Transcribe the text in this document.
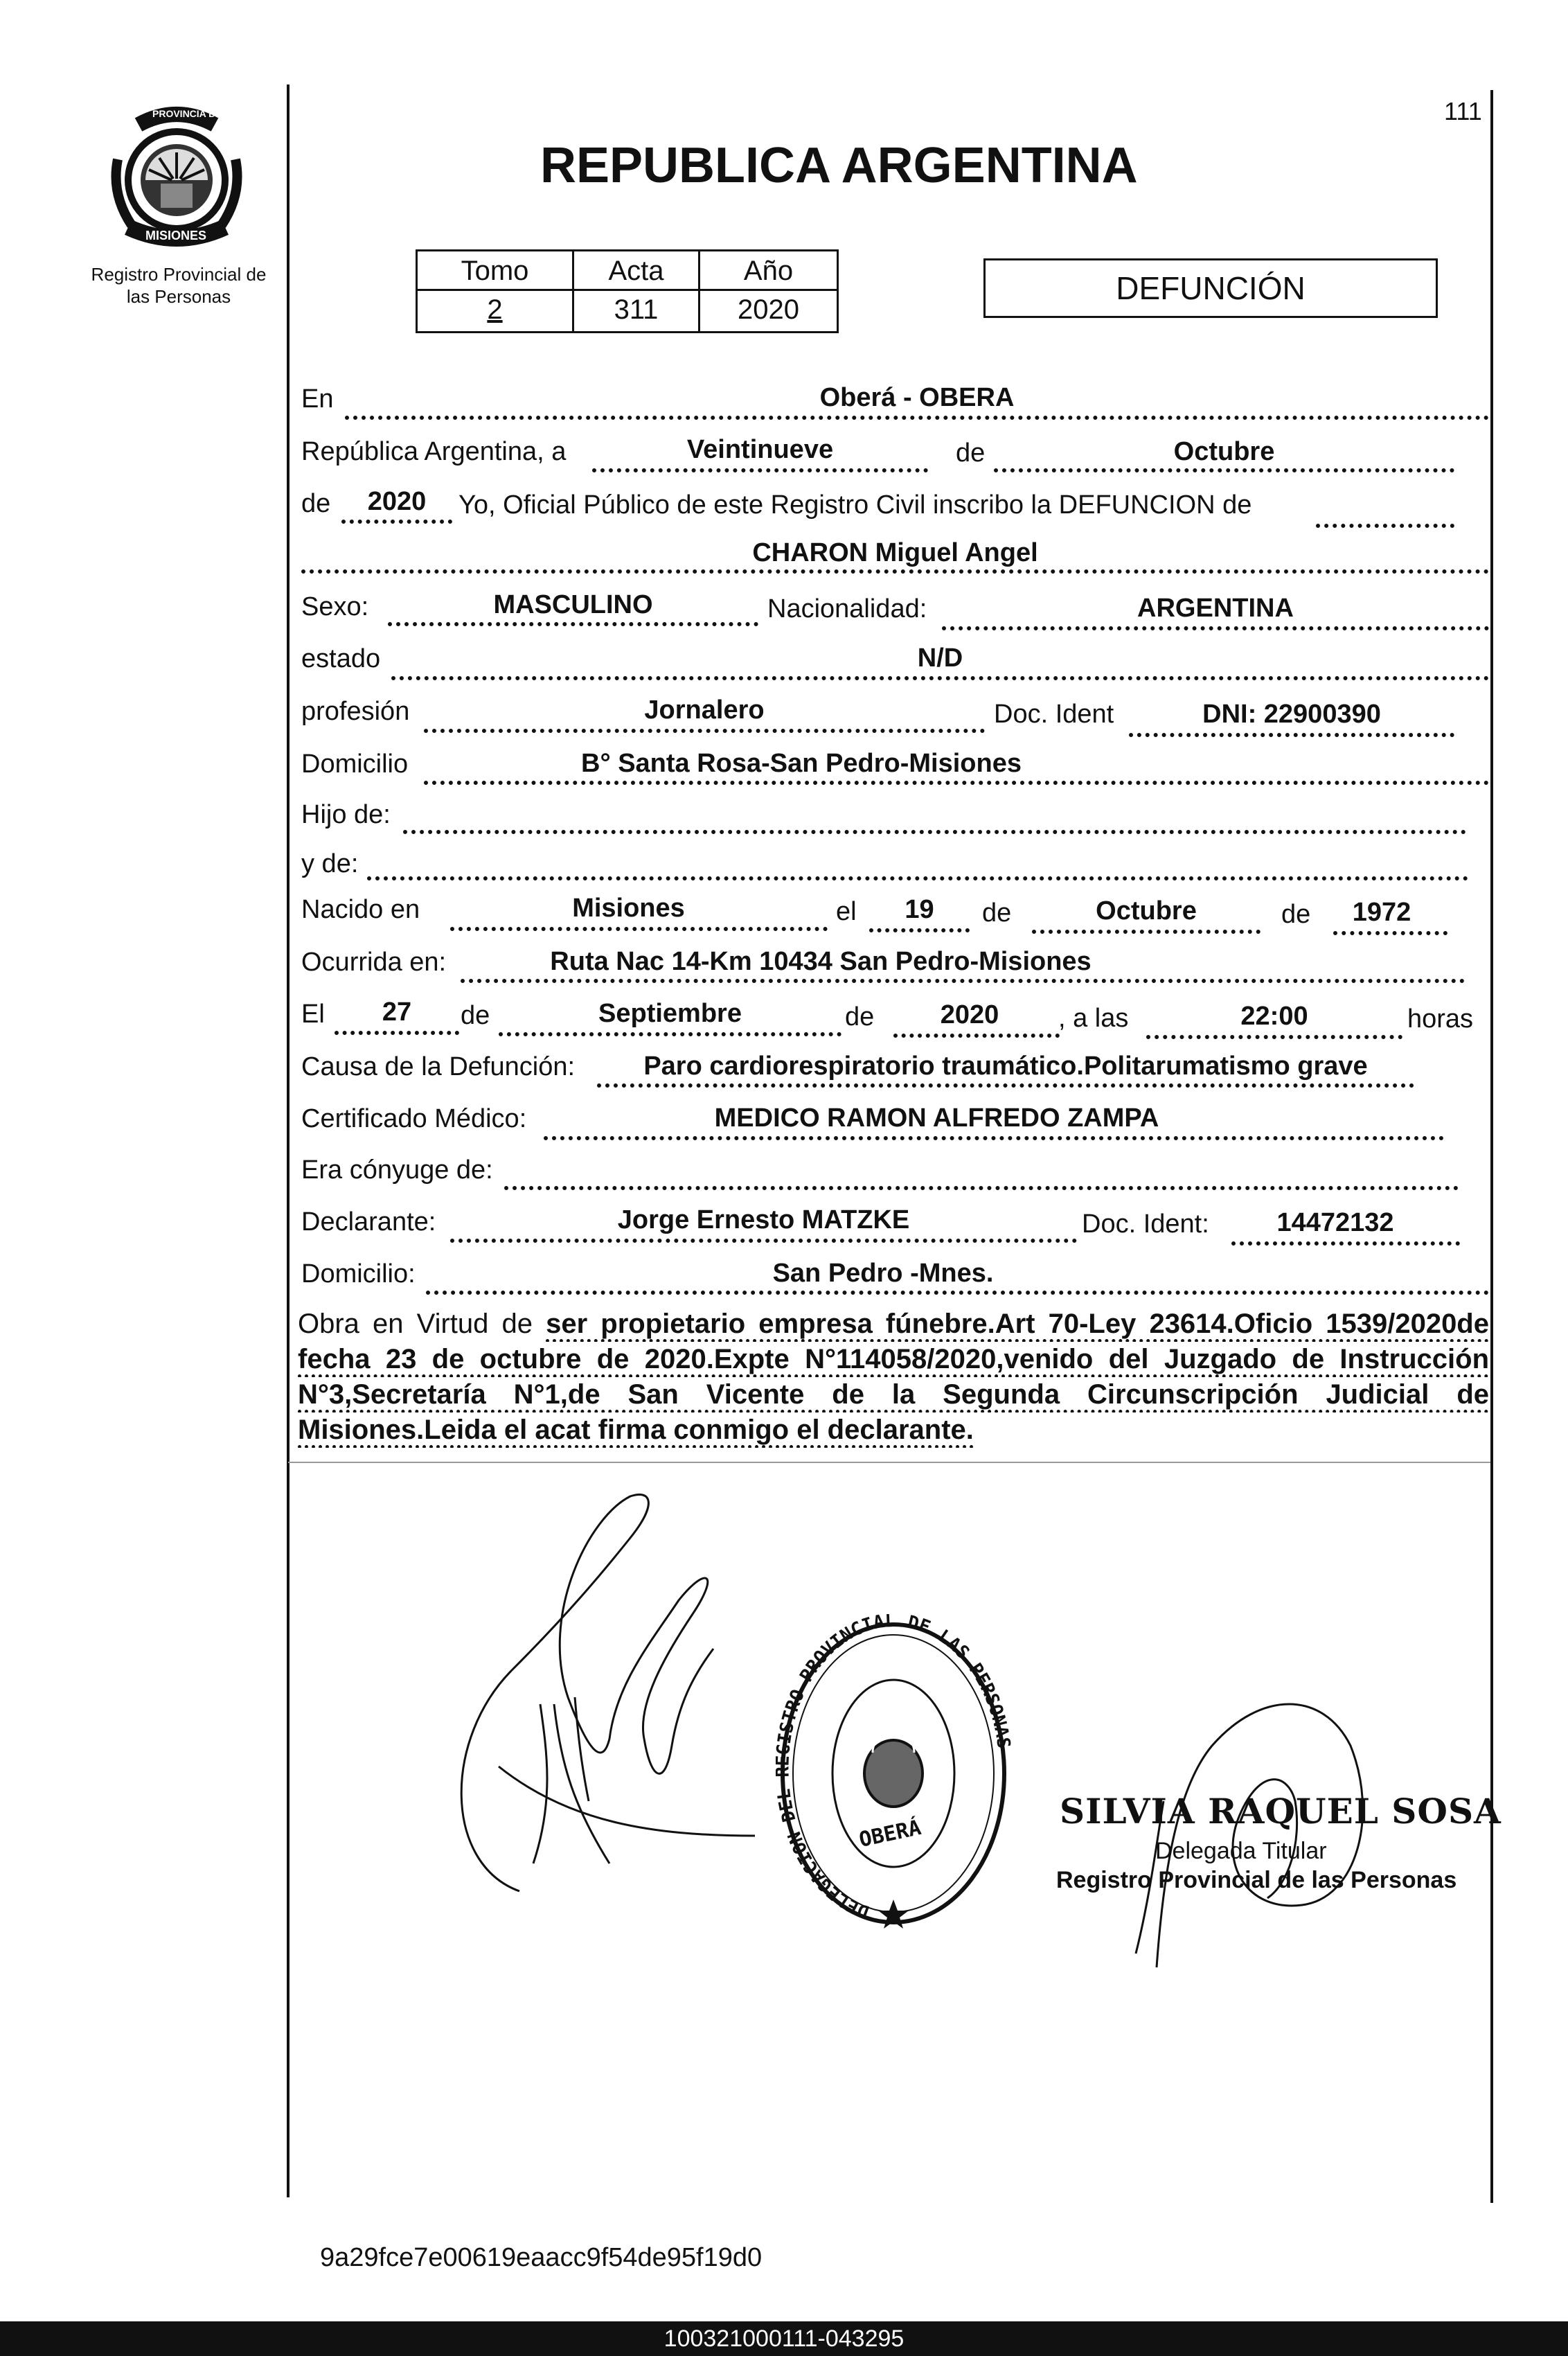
111
PROVINCIA DE
MISIONES
Registro Provincial de
las Personas
REPUBLICA ARGENTINA
Tomo	Acta	Año
2	311	2020
DEFUNCIÓN
En	Oberá - OBERA
República Argentina, a	Veintinueve	de	Octubre
de	2020	Yo, Oficial Público de este Registro Civil inscribo la DEFUNCION de
CHARON Miguel Angel
Sexo:	MASCULINO	Nacionalidad:	ARGENTINA
estado	N/D
profesión	Jornalero	Doc. Ident	DNI: 22900390
Domicilio	B° Santa Rosa-San Pedro-Misiones
Hijo de:
y de:
Nacido en	Misiones	el	19	de	Octubre	de	1972
Ocurrida en:	Ruta Nac 14-Km 10434 San Pedro-Misiones
El	27	de	Septiembre	de	2020	, a las	22:00	horas
Causa de la Defunción:	Paro cardiorespiratorio traumático.Politarumatismo grave
Certificado Médico:	MEDICO RAMON ALFREDO ZAMPA
Era cónyuge de:
Declarante:	Jorge Ernesto MATZKE	Doc. Ident:	14472132
Domicilio:	San Pedro -Mnes.
Obra en Virtud de ser propietario empresa fúnebre.Art 70-Ley 23614.Oficio 1539/2020de
fecha 23 de octubre de 2020.Expte N°114058/2020,venido del Juzgado de Instrucción
N°3,Secretaría N°1,de San Vicente de la Segunda Circunscripción Judicial de
Misiones.Leida el acat firma conmigo el declarante.
DELEGACION DEL ISTRO PROVINCIAL DE LAS PERSONA
OBERÁ
SILVIA RAQUEL SOSA
Delegada Titular
Registro Provincial de las Personas
9a29fce7e00619eaacc9f54de95f19d0
100321000111-043295
